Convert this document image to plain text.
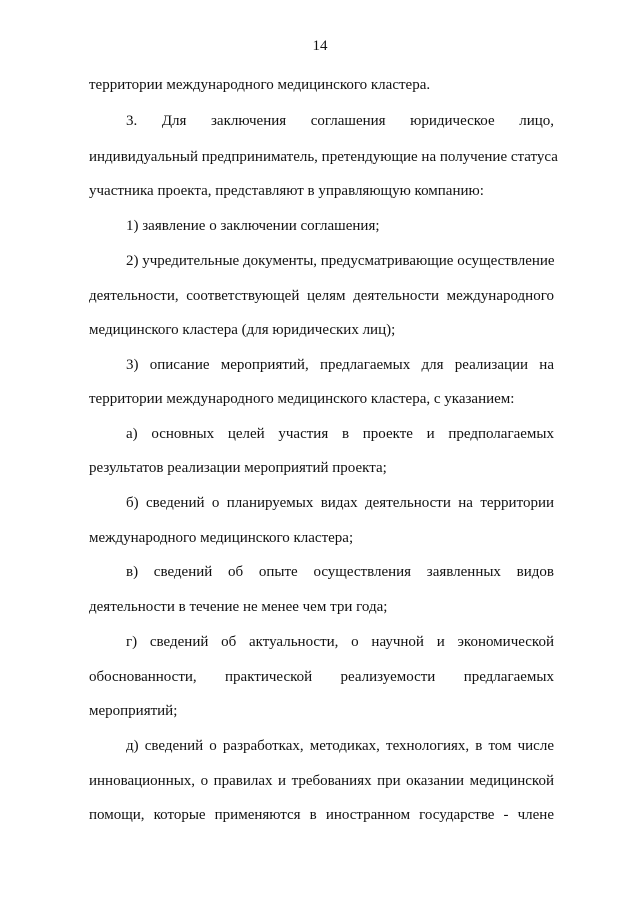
14
территории международного медицинского кластера.
3. Для заключения соглашения юридическое лицо,
индивидуальный предприниматель, претендующие на получение статуса
участника проекта, представляют в управляющую компанию:
1) заявление о заключении соглашения;
2) учредительные документы, предусматривающие осуществление
деятельности, соответствующей целям деятельности международного
медицинского кластера (для юридических лиц);
3) описание мероприятий, предлагаемых для реализации на
территории международного медицинского кластера, с указанием:
а) основных целей участия в проекте и предполагаемых
результатов реализации мероприятий проекта;
б) сведений о планируемых видах деятельности на территории
международного медицинского кластера;
в) сведений об опыте осуществления заявленных видов
деятельности в течение не менее чем три года;
г) сведений об актуальности, о научной и экономической
обоснованности, практической реализуемости предлагаемых
мероприятий;
д) сведений о разработках, методиках, технологиях, в том числе
инновационных, о правилах и требованиях при оказании медицинской
помощи, которые применяются в иностранном государстве - члене
